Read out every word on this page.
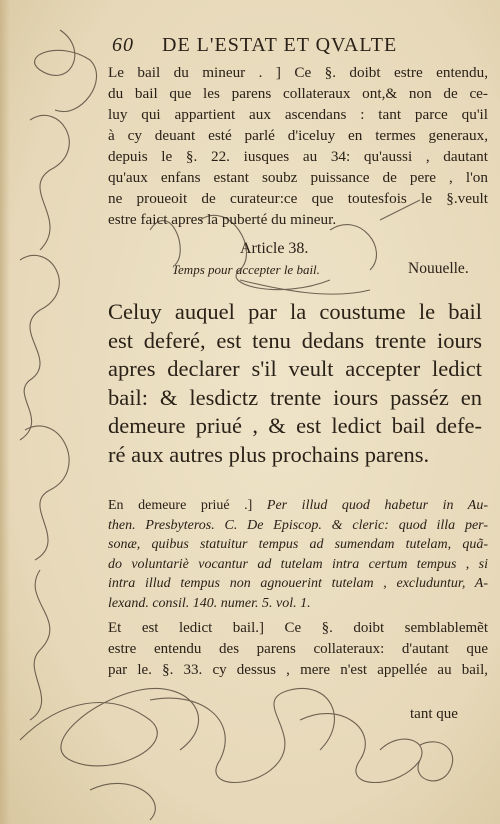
60 DE L'ESTAT ET QVALTE
Le bail du mineur . ] Ce §. doibt estre entendu,
du bail que les parens collateraux ont,& non de ce-
luy qui appartient aux ascendans : tant parce qu'il
à cy deuant esté parlé d'iceluy en termes generaux,
depuis le §. 22. iusques au 34: qu'aussi , dautant
qu'aux enfans estant soubz puissance de pere , l'on
ne proueoit de curateur:ce que toutesfois le §.veult
estre faict apres la puberté du mineur.
Article 38.
Temps pour accepter le bail.	Nouuelle.
Celuy auquel par la coustume le bail
est deferé, est tenu dedans trente iours
apres declarer s'il veult accepter ledict
bail: & lesdictz trente iours passéz en
demeure priué , & est ledict bail defe-
ré aux autres plus prochains parens.
En demeure priué .] Per illud quod habetur in Au-
then. Presbyteros. C. De Episcop. & cleric: quod illa per-
sonæ, quibus statuitur tempus ad sumendam tutelam, quã-
do voluntariè vocantur ad tutelam intra certum tempus , si
intra illud tempus non agnouerint tutelam , excluduntur, A-
lexand. consil. 140. numer. 5. vol. 1.
Et est ledict bail.] Ce §. doibt semblablemẽt
estre entendu des parens collateraux: d'autant que
par le. §. 33. cy dessus , mere n'est appellée au bail,
tant que
